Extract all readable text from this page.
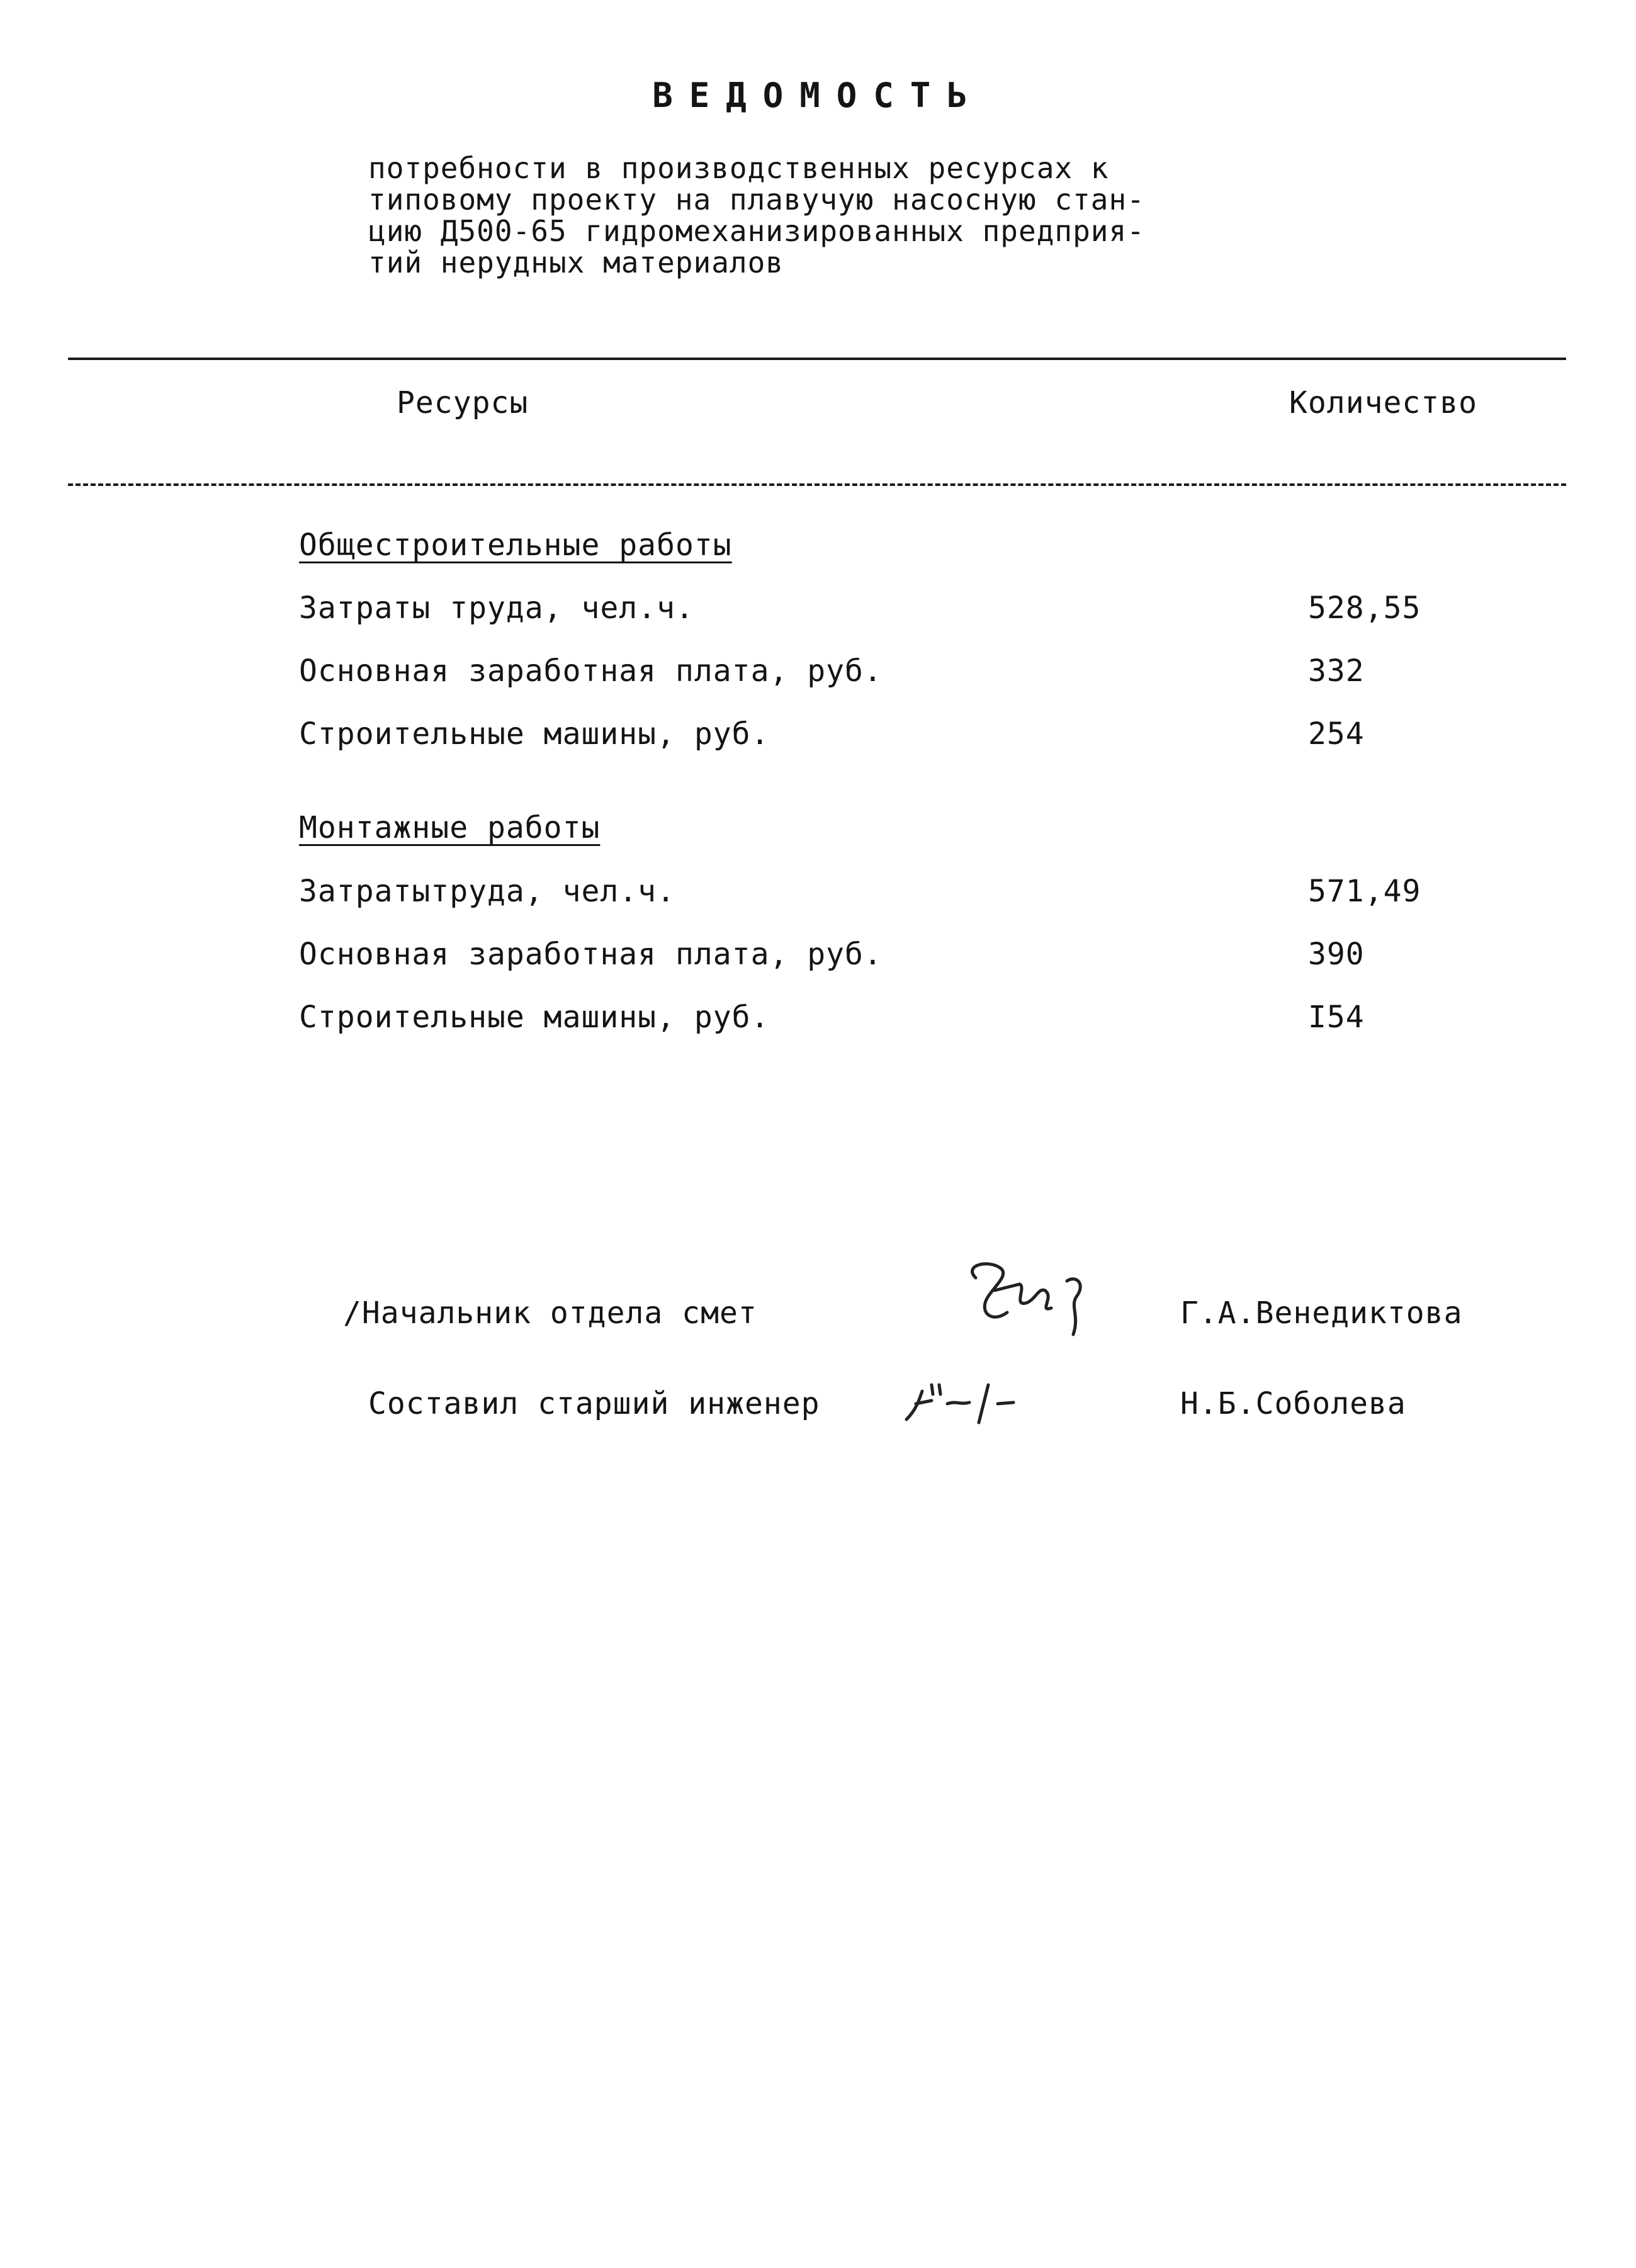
ВЕДОМОСТЬ
потребности в производственных ресурсах к
типовому проекту на плавучую насосную стан-
цию Д500-65 гидромеханизированных предприя-
тий нерудных материалов
Ресурсы	Количество
Общестроительные работы
Затраты труда, чел.ч.	528,55
Основная заработная плата, руб.	332
Строительные машины, руб.	254
Монтажные работы
Затратытруда, чел.ч.	571,49
Основная заработная плата, руб.	390
Строительные машины, руб.	I54
/Начальник отдела смет	Г.А.Венедиктова
Составил старший инженер	Н.Б.Соболева
